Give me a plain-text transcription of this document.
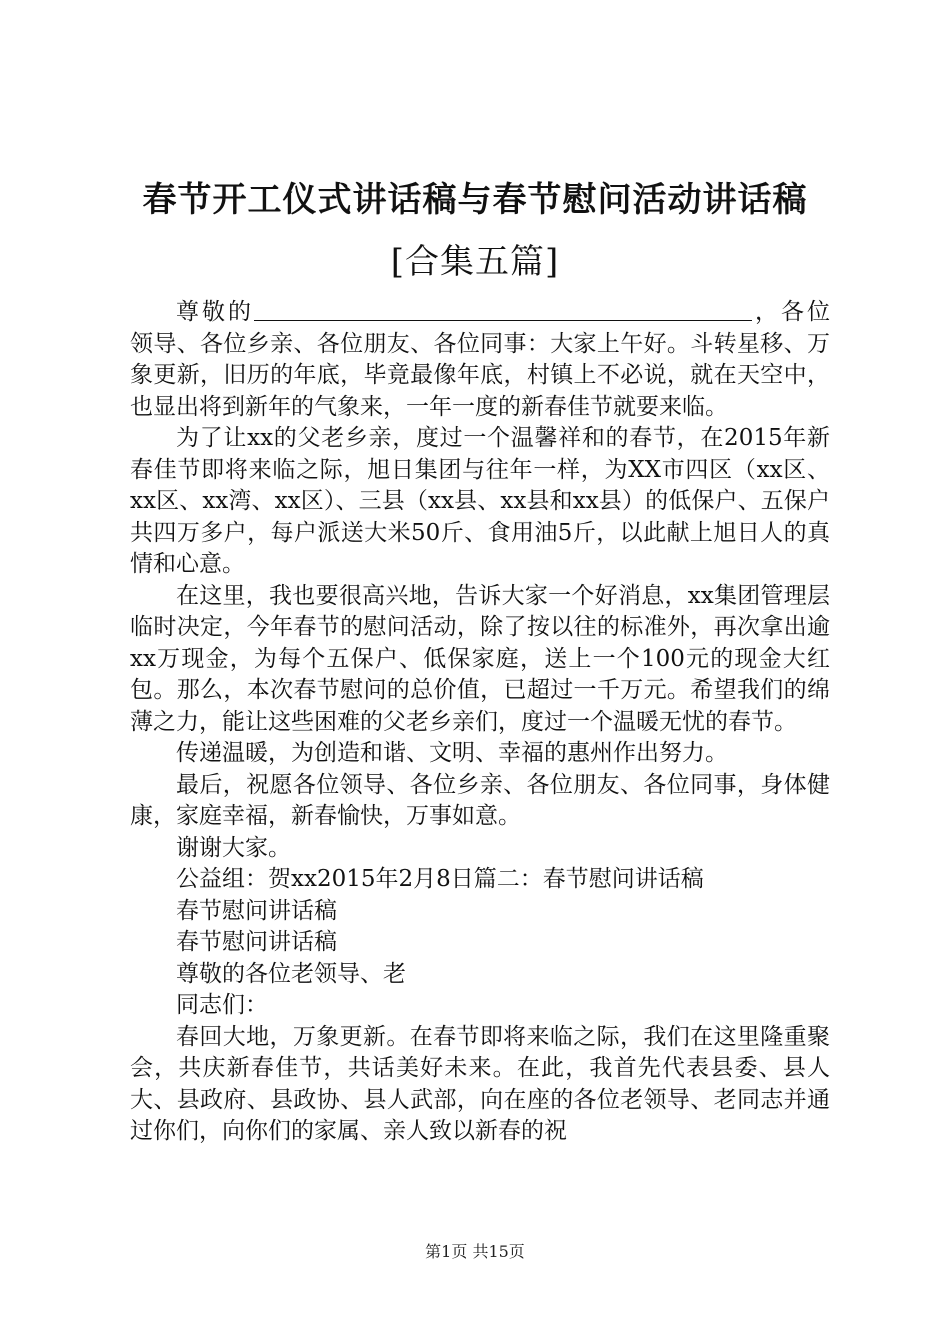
春节开工仪式讲话稿与春节慰问活动讲话稿
[合集五篇]

尊敬的	，各位领导、各位乡亲、各位朋友、各位同事：大家上午好。斗转星移、万象更新，旧历的年底，毕竟最像年底，村镇上不必说，就在天空中，也显出将到新年的气象来，一年一度的新春佳节就要来临。

为了让xx的父老乡亲，度过一个温馨祥和的春节，在2015年新春佳节即将来临之际，旭日集团与往年一样，为XX市四区（xx区、xx区、xx湾、xx区）、三县（xx县、xx县和xx县）的低保户、五保户共四万多户，每户派送大米50斤、食用油5斤，以此献上旭日人的真情和心意。

在这里，我也要很高兴地，告诉大家一个好消息，xx集团管理层临时决定，今年春节的慰问活动，除了按以往的标准外，再次拿出逾xx万现金，为每个五保户、低保家庭，送上一个100元的现金大红包。那么，本次春节慰问的总价值，已超过一千万元。希望我们的绵薄之力，能让这些困难的父老乡亲们，度过一个温暖无忧的春节。

传递温暖，为创造和谐、文明、幸福的惠州作出努力。

最后，祝愿各位领导、各位乡亲、各位朋友、各位同事，身体健康，家庭幸福，新春愉快，万事如意。

谢谢大家。

公益组：贺xx2015年2月8日篇二：春节慰问讲话稿

春节慰问讲话稿

春节慰问讲话稿

尊敬的各位老领导、老

同志们：

春回大地，万象更新。在春节即将来临之际，我们在这里隆重聚会，共庆新春佳节，共话美好未来。在此，我首先代表县委、县人大、县政府、县政协、县人武部，向在座的各位老领导、老同志并通过你们，向你们的家属、亲人致以新春的祝

第1页 共15页
